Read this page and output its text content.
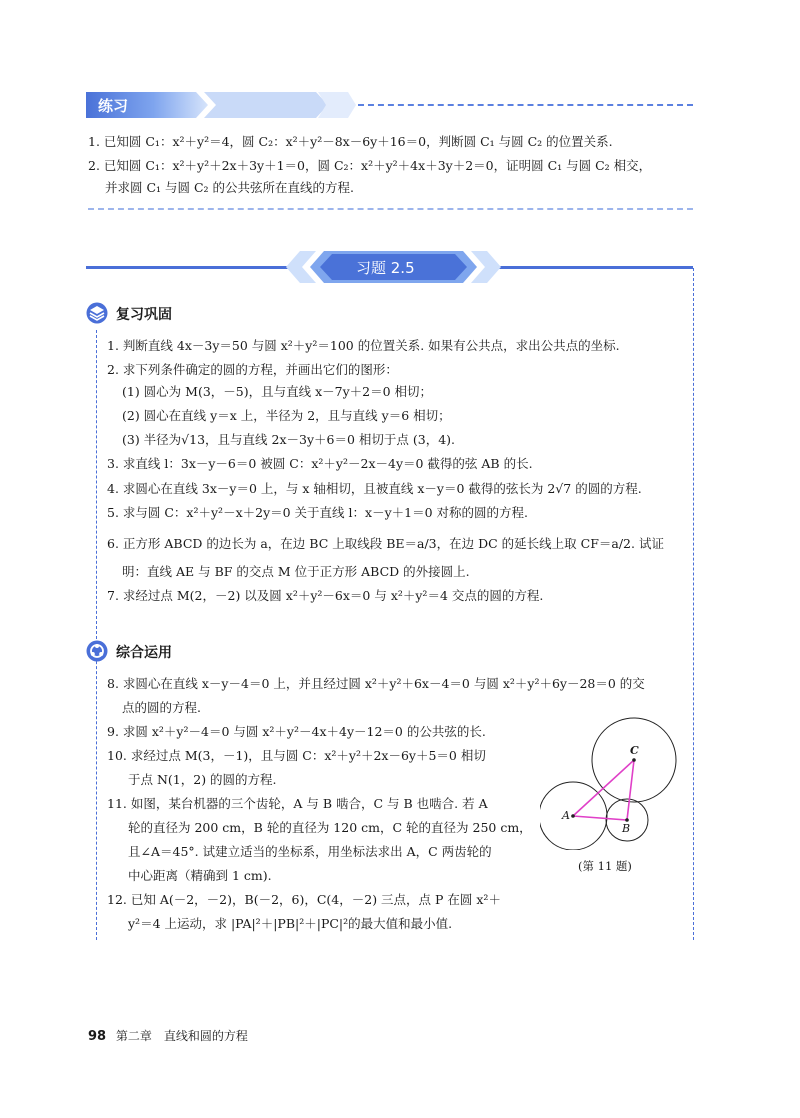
练习
1. 已知圆 C₁：x²＋y²＝4，圆 C₂：x²＋y²－8x－6y＋16＝0，判断圆 C₁ 与圆 C₂ 的位置关系.
2. 已知圆 C₁：x²＋y²＋2x＋3y＋1＝0，圆 C₂：x²＋y²＋4x＋3y＋2＝0，证明圆 C₁ 与圆 C₂ 相交，
并求圆 C₁ 与圆 C₂ 的公共弦所在直线的方程.
习题 2.5
复习巩固
1. 判断直线 4x－3y＝50 与圆 x²＋y²＝100 的位置关系. 如果有公共点，求出公共点的坐标.
2. 求下列条件确定的圆的方程，并画出它们的图形：
(1) 圆心为 M(3，－5)，且与直线 x－7y＋2＝0 相切；
(2) 圆心在直线 y＝x 上，半径为 2，且与直线 y＝6 相切；
(3) 半径为√13，且与直线 2x－3y＋6＝0 相切于点 (3，4).
3. 求直线 l：3x－y－6＝0 被圆 C：x²＋y²－2x－4y＝0 截得的弦 AB 的长.
4. 求圆心在直线 3x－y＝0 上，与 x 轴相切，且被直线 x－y＝0 截得的弦长为 2√7 的圆的方程.
5. 求与圆 C：x²＋y²－x＋2y＝0 关于直线 l：x－y＋1＝0 对称的圆的方程.
6. 正方形 ABCD 的边长为 a，在边 BC 上取线段 BE＝a/3，在边 DC 的延长线上取 CF＝a/2. 试证
明：直线 AE 与 BF 的交点 M 位于正方形 ABCD 的外接圆上.
7. 求经过点 M(2，－2) 以及圆 x²＋y²－6x＝0 与 x²＋y²＝4 交点的圆的方程.
综合运用
8. 求圆心在直线 x－y－4＝0 上，并且经过圆 x²＋y²＋6x－4＝0 与圆 x²＋y²＋6y－28＝0 的交
点的圆的方程.
9. 求圆 x²＋y²－4＝0 与圆 x²＋y²－4x＋4y－12＝0 的公共弦的长.
10. 求经过点 M(3，－1)，且与圆 C：x²＋y²＋2x－6y＋5＝0 相切
于点 N(1，2) 的圆的方程.
11. 如图，某台机器的三个齿轮，A 与 B 啮合，C 与 B 也啮合. 若 A
轮的直径为 200 cm，B 轮的直径为 120 cm，C 轮的直径为 250 cm，
且∠A＝45°. 试建立适当的坐标系，用坐标法求出 A，C 两齿轮的
中心距离（精确到 1 cm).
12. 已知 A(－2，－2)，B(－2，6)，C(4，－2) 三点，点 P 在圆 x²＋
y²＝4 上运动，求 |PA|²＋|PB|²＋|PC|²的最大值和最小值.
A
B
C
(第 11 题)
98 第二章　直线和圆的方程
